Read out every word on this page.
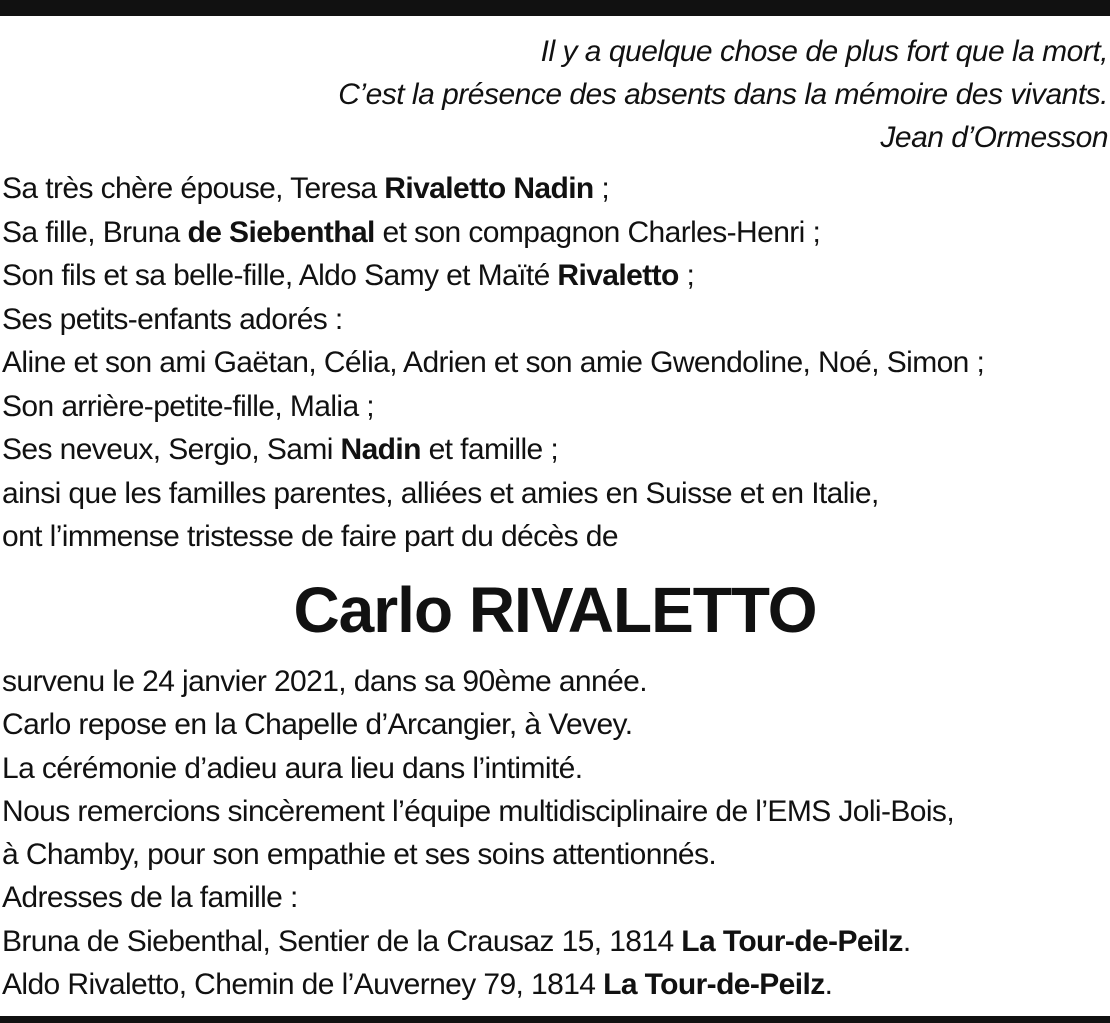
Il y a quelque chose de plus fort que la mort,
C’est la présence des absents dans la mémoire des vivants.
Jean d’Ormesson
Sa très chère épouse, Teresa Rivaletto Nadin ;
Sa fille, Bruna de Siebenthal et son compagnon Charles-Henri ;
Son fils et sa belle-fille, Aldo Samy et Maïté Rivaletto ;
Ses petits-enfants adorés :
Aline et son ami Gaëtan, Célia, Adrien et son amie Gwendoline, Noé, Simon ;
Son arrière-petite-fille, Malia ;
Ses neveux, Sergio, Sami Nadin et famille ;
ainsi que les familles parentes, alliées et amies en Suisse et en Italie,
ont l’immense tristesse de faire part du décès de
Carlo RIVALETTO
survenu le 24 janvier 2021, dans sa 90ème année.
Carlo repose en la Chapelle d’Arcangier, à Vevey.
La cérémonie d’adieu aura lieu dans l’intimité.
Nous remercions sincèrement l’équipe multidisciplinaire de l’EMS Joli-Bois,
à Chamby, pour son empathie et ses soins attentionnés.
Adresses de la famille :
Bruna de Siebenthal, Sentier de la Crausaz 15, 1814 La Tour-de-Peilz.
Aldo Rivaletto, Chemin de l’Auverney 79, 1814 La Tour-de-Peilz.
